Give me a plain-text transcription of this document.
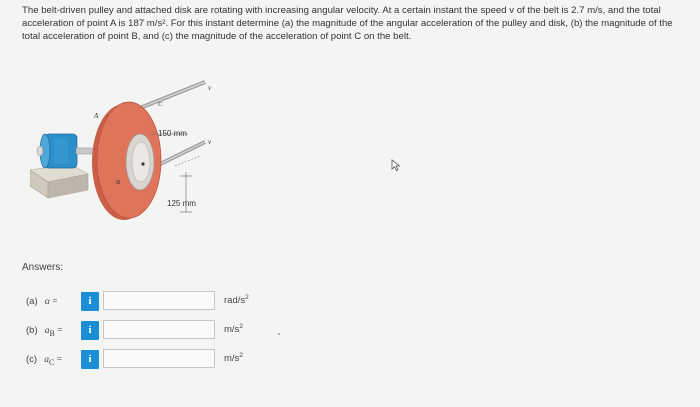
The belt-driven pulley and attached disk are rotating with increasing angular velocity. At a certain instant the speed v of the belt is 2.7 m/s, and the total acceleration of point A is 187 m/s². For this instant determine (a) the magnitude of the angular acceleration of the pulley and disk, (b) the magnitude of the total acceleration of point B, and (c) the magnitude of the acceleration of point C on the belt.
A
B
C
v
v
150 mm
125 mm
Answers:
(a) α =	i	rad/$s^2$
(b) $a_B$ =	i	$m/s^2$
(c) $a_C$ =	i	$m/s^2$
